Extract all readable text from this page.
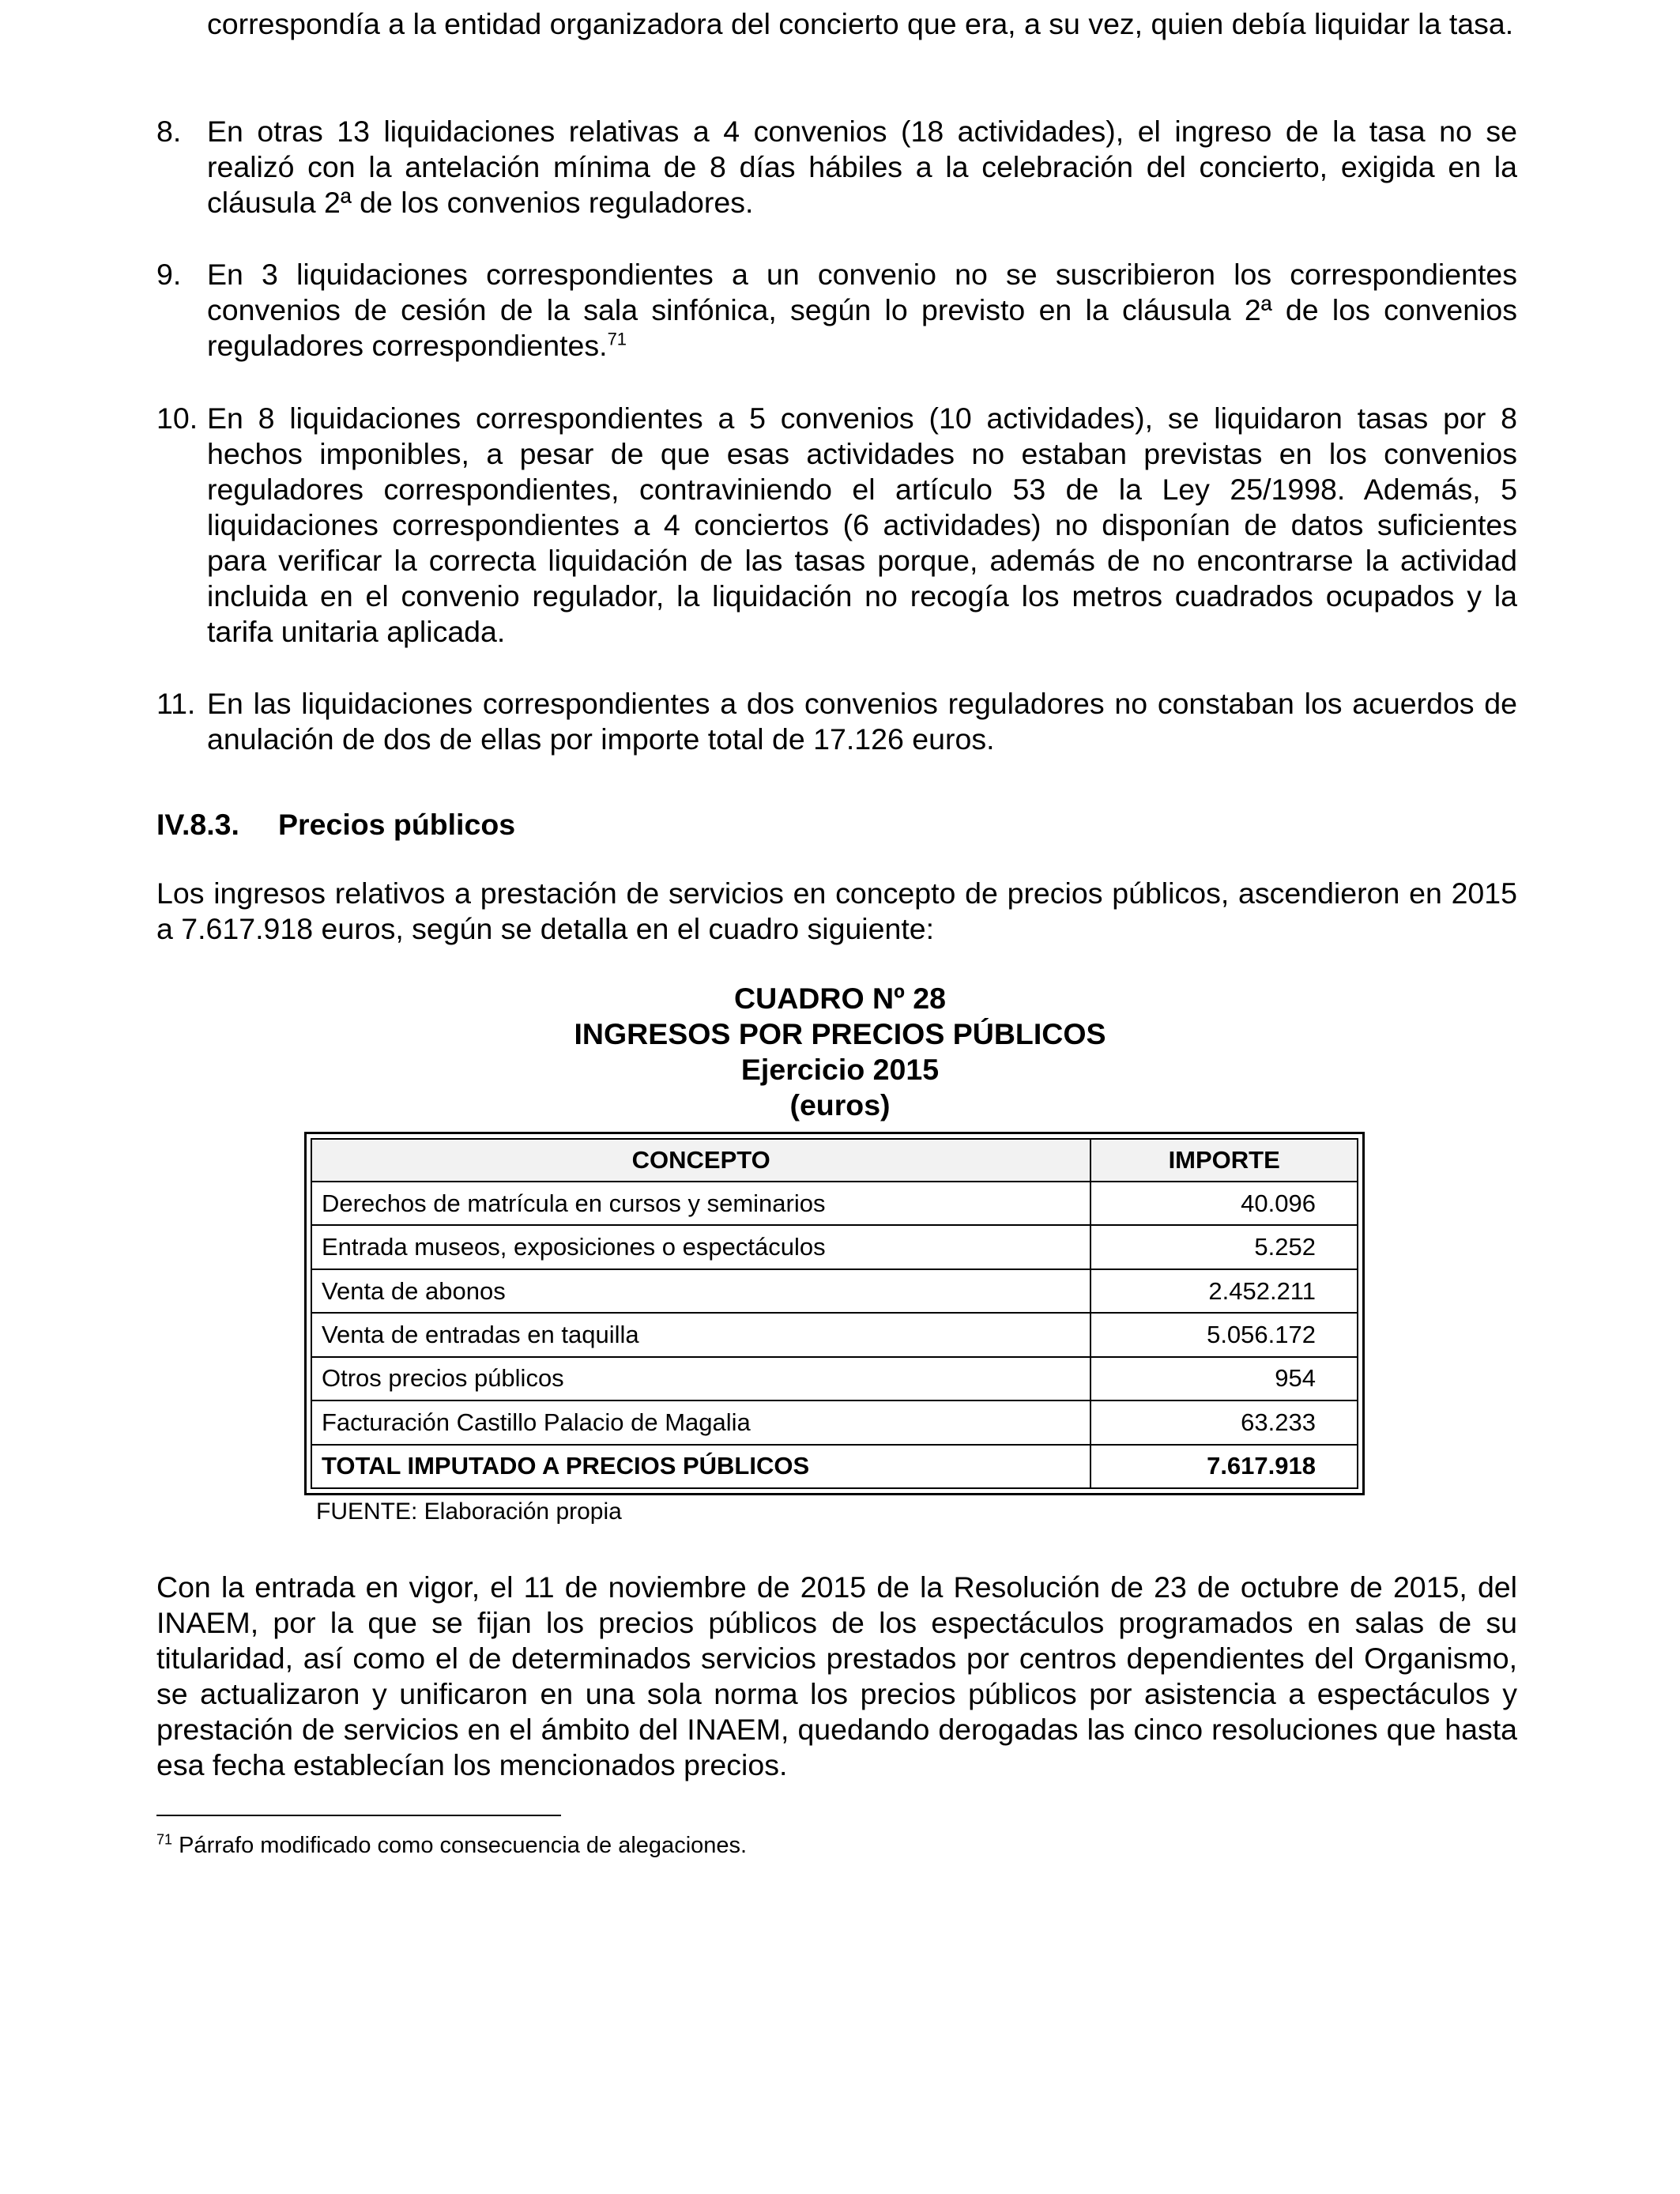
correspondía a la entidad organizadora del concierto que era, a su vez, quien debía liquidar la tasa.
8. En otras 13 liquidaciones relativas a 4 convenios (18 actividades), el ingreso de la tasa no se realizó con la antelación mínima de 8 días hábiles a la celebración del concierto, exigida en la cláusula 2ª de los convenios reguladores.
9. En 3 liquidaciones correspondientes a un convenio no se suscribieron los correspondientes convenios de cesión de la sala sinfónica, según lo previsto en la cláusula 2ª de los convenios reguladores correspondientes.$^{71}$
10. En 8 liquidaciones correspondientes a 5 convenios (10 actividades), se liquidaron tasas por 8 hechos imponibles, a pesar de que esas actividades no estaban previstas en los convenios reguladores correspondientes, contraviniendo el artículo 53 de la Ley 25/1998. Además, 5 liquidaciones correspondientes a 4 conciertos (6 actividades) no disponían de datos suficientes para verificar la correcta liquidación de las tasas porque, además de no encontrarse la actividad incluida en el convenio regulador, la liquidación no recogía los metros cuadrados ocupados y la tarifa unitaria aplicada.
11. En las liquidaciones correspondientes a dos convenios reguladores no constaban los acuerdos de anulación de dos de ellas por importe total de 17.126 euros.
IV.8.3. Precios públicos

Los ingresos relativos a prestación de servicios en concepto de precios públicos, ascendieron en 2015 a 7.617.918 euros, según se detalla en el cuadro siguiente:

CUADRO Nº 28
INGRESOS POR PRECIOS PÚBLICOS
Ejercicio 2015
(euros)
CONCEPTO	IMPORTE
Derechos de matrícula en cursos y seminarios	40.096
Entrada museos, exposiciones o espectáculos	5.252
Venta de abonos	2.452.211
Venta de entradas en taquilla	5.056.172
Otros precios públicos	954
Facturación Castillo Palacio de Magalia	63.233
TOTAL IMPUTADO A PRECIOS PÚBLICOS	7.617.918
FUENTE: Elaboración propia

Con la entrada en vigor, el 11 de noviembre de 2015 de la Resolución de 23 de octubre de 2015, del INAEM, por la que se fijan los precios públicos de los espectáculos programados en salas de su titularidad, así como el de determinados servicios prestados por centros dependientes del Organismo, se actualizaron y unificaron en una sola norma los precios públicos por asistencia a espectáculos y prestación de servicios en el ámbito del INAEM, quedando derogadas las cinco resoluciones que hasta esa fecha establecían los mencionados precios.

$^{71}$ Párrafo modificado como consecuencia de alegaciones.
